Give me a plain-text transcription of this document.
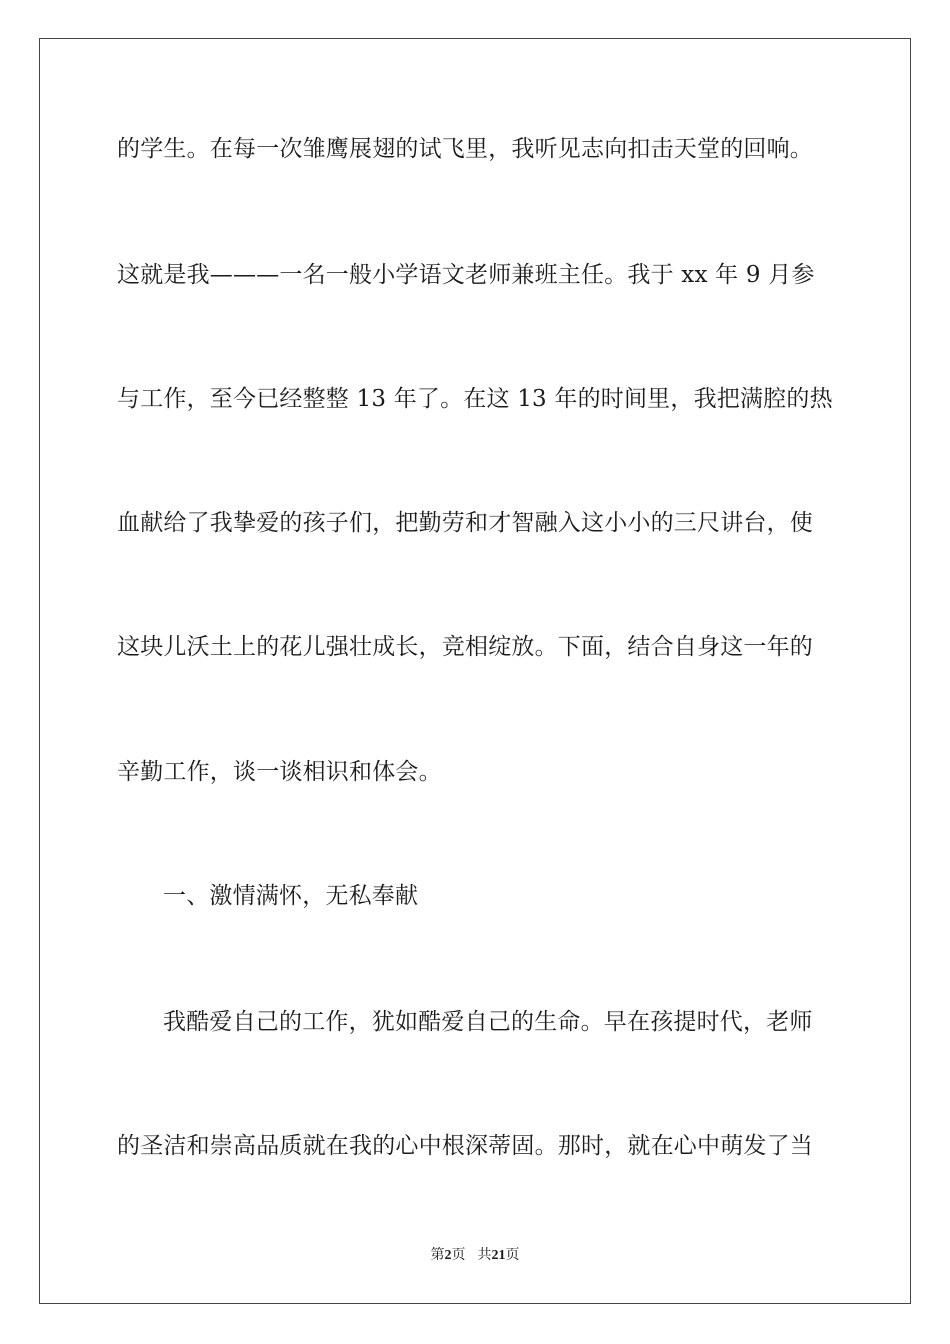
的学生。在每一次雏鹰展翅的试飞里，我听见志向扣击天堂的回响。
这就是我———一名一般小学语文老师兼班主任。我于 xx 年 9 月参
与工作，至今已经整整 13 年了。在这 13 年的时间里，我把满腔的热
血献给了我挚爱的孩子们，把勤劳和才智融入这小小的三尺讲台，使
这块儿沃土上的花儿强壮成长，竞相绽放。下面，结合自身这一年的
辛勤工作，谈一谈相识和体会。
一、激情满怀，无私奉献
我酷爱自己的工作，犹如酷爱自己的生命。早在孩提时代，老师
的圣洁和崇高品质就在我的心中根深蒂固。那时，就在心中萌发了当
第2页 共21页
